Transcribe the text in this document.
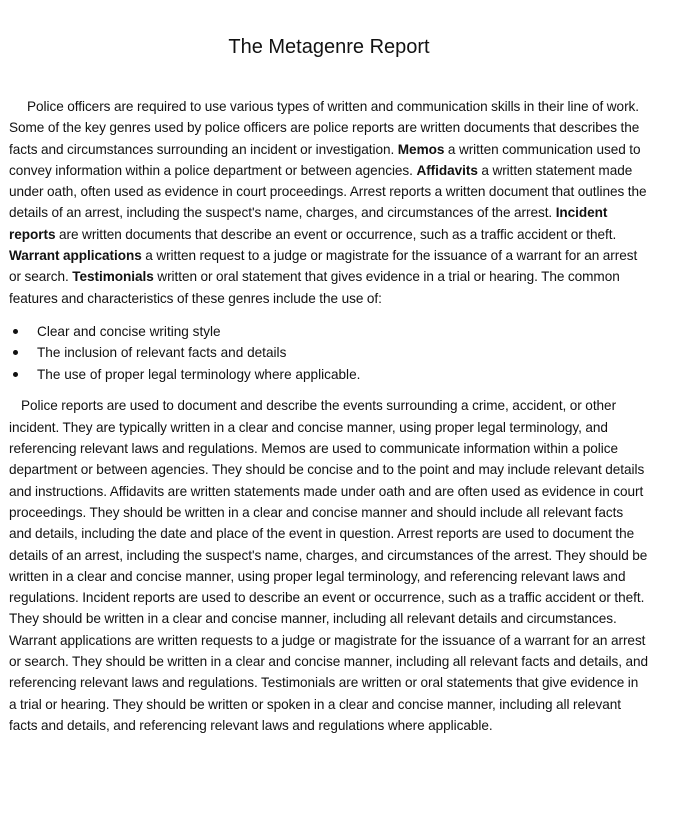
The Metagenre Report

Police officers are required to use various types of written and communication skills in their line of work. Some of the key genres used by police officers are police reports are written documents that describes the facts and circumstances surrounding an incident or investigation. Memos a written communication used to convey information within a police department or between agencies. Affidavits a written statement made under oath, often used as evidence in court proceedings. Arrest reports a written document that outlines the details of an arrest, including the suspect's name, charges, and circumstances of the arrest. Incident reports are written documents that describe an event or occurrence, such as a traffic accident or theft. Warrant applications a written request to a judge or magistrate for the issuance of a warrant for an arrest or search. Testimonials written or oral statement that gives evidence in a trial or hearing. The common features and characteristics of these genres include the use of:

Clear and concise writing style
The inclusion of relevant facts and details
The use of proper legal terminology where applicable.

Police reports are used to document and describe the events surrounding a crime, accident, or other incident. They are typically written in a clear and concise manner, using proper legal terminology, and referencing relevant laws and regulations. Memos are used to communicate information within a police department or between agencies. They should be concise and to the point and may include relevant details and instructions. Affidavits are written statements made under oath and are often used as evidence in court proceedings. They should be written in a clear and concise manner and should include all relevant facts and details, including the date and place of the event in question. Arrest reports are used to document the details of an arrest, including the suspect's name, charges, and circumstances of the arrest. They should be written in a clear and concise manner, using proper legal terminology, and referencing relevant laws and regulations. Incident reports are used to describe an event or occurrence, such as a traffic accident or theft. They should be written in a clear and concise manner, including all relevant details and circumstances. Warrant applications are written requests to a judge or magistrate for the issuance of a warrant for an arrest or search. They should be written in a clear and concise manner, including all relevant facts and details, and referencing relevant laws and regulations. Testimonials are written or oral statements that give evidence in a trial or hearing. They should be written or spoken in a clear and concise manner, including all relevant facts and details, and referencing relevant laws and regulations where applicable.
